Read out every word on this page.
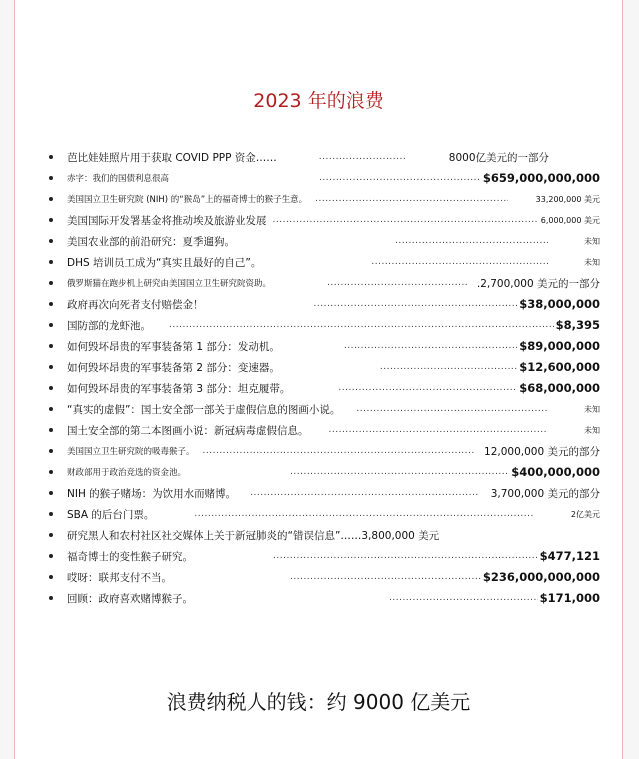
2023 年的浪费
芭比娃娃照片用于获取 COVID PPP 资金…… .....	8000亿美元的一部分
赤字：我们的国债利息很高 .....	$659,000,000,000
美国国立卫生研究院 (NIH) 的“猴岛”上的福奇博士的猴子生意。 .....	33,200,000 美元
美国国际开发署基金将推动埃及旅游业发展 .....	6,000,000 美元
美国农业部的前沿研究：夏季遛狗。 .....	未知
DHS 培训员工成为“真实且最好的自己”。 .....	未知
俄罗斯猫在跑步机上研究由美国国立卫生研究院资助。 .....	.2,700,000 美元的一部分
政府再次向死者支付赔偿金！ .....	$38,000,000
国防部的龙虾池。 .....	$8,395
如何毁坏昂贵的军事装备第 1 部分：发动机。 .....	$89,000,000
如何毁坏昂贵的军事装备第 2 部分：变速器。 .....	$12,600,000
如何毁坏昂贵的军事装备第 3 部分：坦克履带。 .....	$68,000,000
“真实的虚假”：国土安全部一部关于虚假信息的图画小说。 .....	未知
国土安全部的第二本图画小说：新冠病毒虚假信息。 .....	未知
美国国立卫生研究院的吸毒猴子。 .....	12,000,000 美元的部分
财政部用于政治竞选的资金池。 .....	$400,000,000
NIH 的猴子赌场：为饮用水而赌博。 .....	3,700,000 美元的部分
SBA 的后台门票。 .....	2亿美元
研究黑人和农村社区社交媒体上关于新冠肺炎的“错误信息”……3,800,000 美元
福奇博士的变性猴子研究。 .....	$477,121
哎呀：联邦支付不当。 .....	$236,000,000,000
回顾：政府喜欢赌博猴子。 .....	$171,000
浪费纳税人的钱：约 9000 亿美元
